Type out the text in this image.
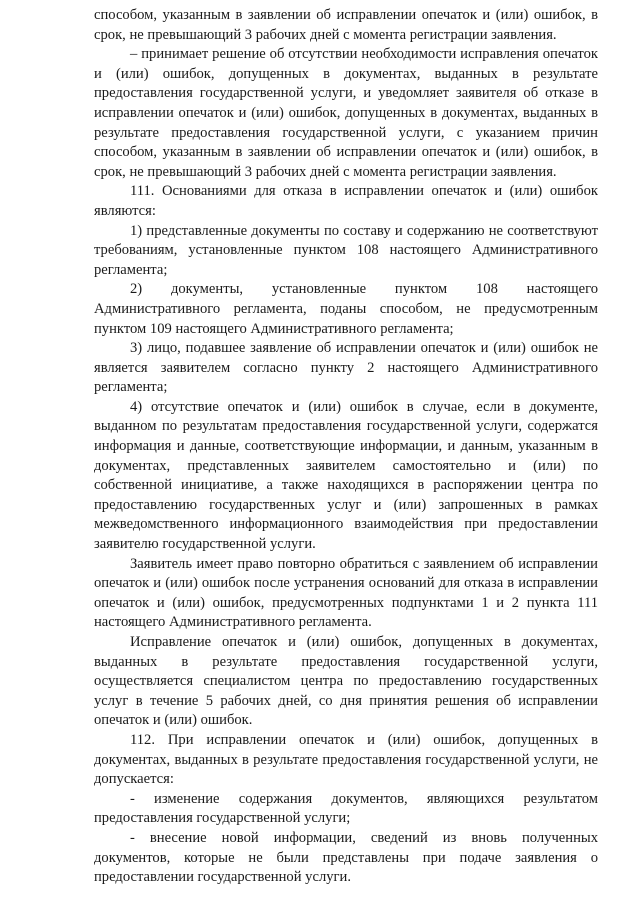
способом, указанным в заявлении об исправлении опечаток и (или) ошибок, в срок, не превышающий 3 рабочих дней с момента регистрации заявления.

– принимает решение об отсутствии необходимости исправления опечаток и (или) ошибок, допущенных в документах, выданных в результате предоставления государственной услуги, и уведомляет заявителя об отказе в исправлении опечаток и (или) ошибок, допущенных в документах, выданных в результате предоставления государственной услуги, с указанием причин способом, указанным в заявлении об исправлении опечаток и (или) ошибок, в срок, не превышающий 3 рабочих дней с момента регистрации заявления.

111. Основаниями для отказа в исправлении опечаток и (или) ошибок являются:

1) представленные документы по составу и содержанию не соответствуют требованиям, установленные пунктом 108 настоящего Административного регламента;

2) документы, установленные пунктом 108 настоящего Административного регламента, поданы способом, не предусмотренным пунктом 109 настоящего Административного регламента;

3) лицо, подавшее заявление об исправлении опечаток и (или) ошибок не является заявителем согласно пункту 2 настоящего Административного регламента;

4) отсутствие опечаток и (или) ошибок в случае, если в документе, выданном по результатам предоставления государственной услуги, содержатся информация и данные, соответствующие информации, и данным, указанным в документах, представленных заявителем самостоятельно и (или) по собственной инициативе, а также находящихся в распоряжении центра по предоставлению государственных услуг и (или) запрошенных в рамках межведомственного информационного взаимодействия при предоставлении заявителю государственной услуги.

Заявитель имеет право повторно обратиться с заявлением об исправлении опечаток и (или) ошибок после устранения оснований для отказа в исправлении опечаток и (или) ошибок, предусмотренных подпунктами 1 и 2 пункта 111 настоящего Административного регламента.

Исправление опечаток и (или) ошибок, допущенных в документах, выданных в результате предоставления государственной услуги, осуществляется специалистом центра по предоставлению государственных услуг в течение 5 рабочих дней, со дня принятия решения об исправлении опечаток и (или) ошибок.

112. При исправлении опечаток и (или) ошибок, допущенных в документах, выданных в результате предоставления государственной услуги, не допускается:

- изменение содержания документов, являющихся результатом предоставления государственной услуги;

- внесение новой информации, сведений из вновь полученных документов, которые не были представлены при подаче заявления о предоставлении государственной услуги.
